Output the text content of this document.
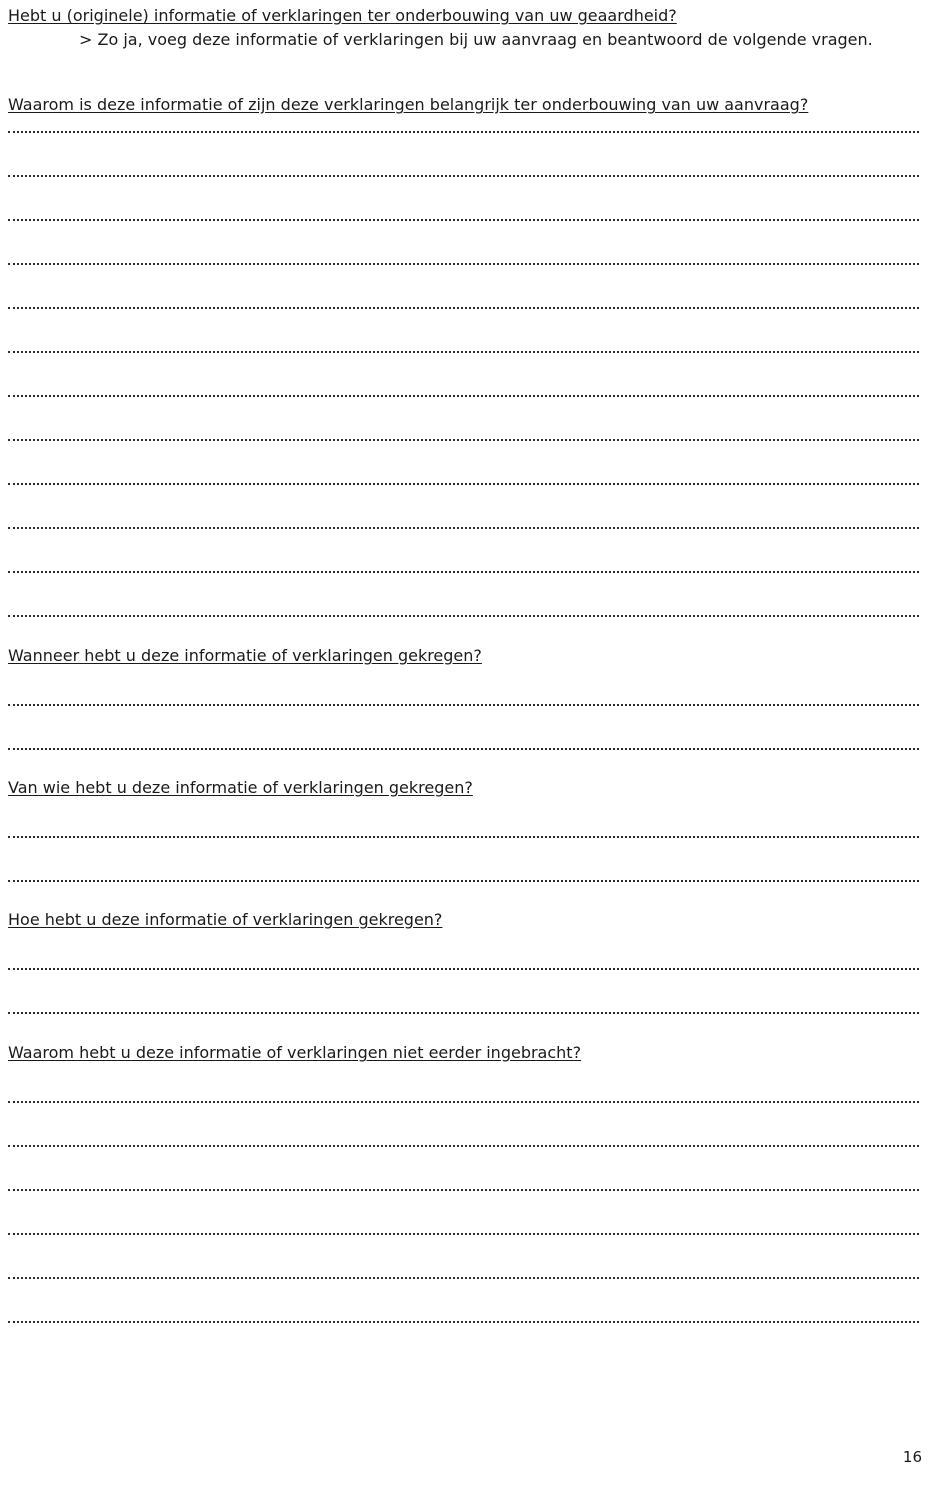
Hebt u (originele) informatie of verklaringen ter onderbouwing van uw geaardheid?

> Zo ja, voeg deze informatie of verklaringen bij uw aanvraag en beantwoord de volgende vragen.

Waarom is deze informatie of zijn deze verklaringen belangrijk ter onderbouwing van uw aanvraag?
Wanneer hebt u deze informatie of verklaringen gekregen?
Van wie hebt u deze informatie of verklaringen gekregen?
Hoe hebt u deze informatie of verklaringen gekregen?
Waarom hebt u deze informatie of verklaringen niet eerder ingebracht?
16
